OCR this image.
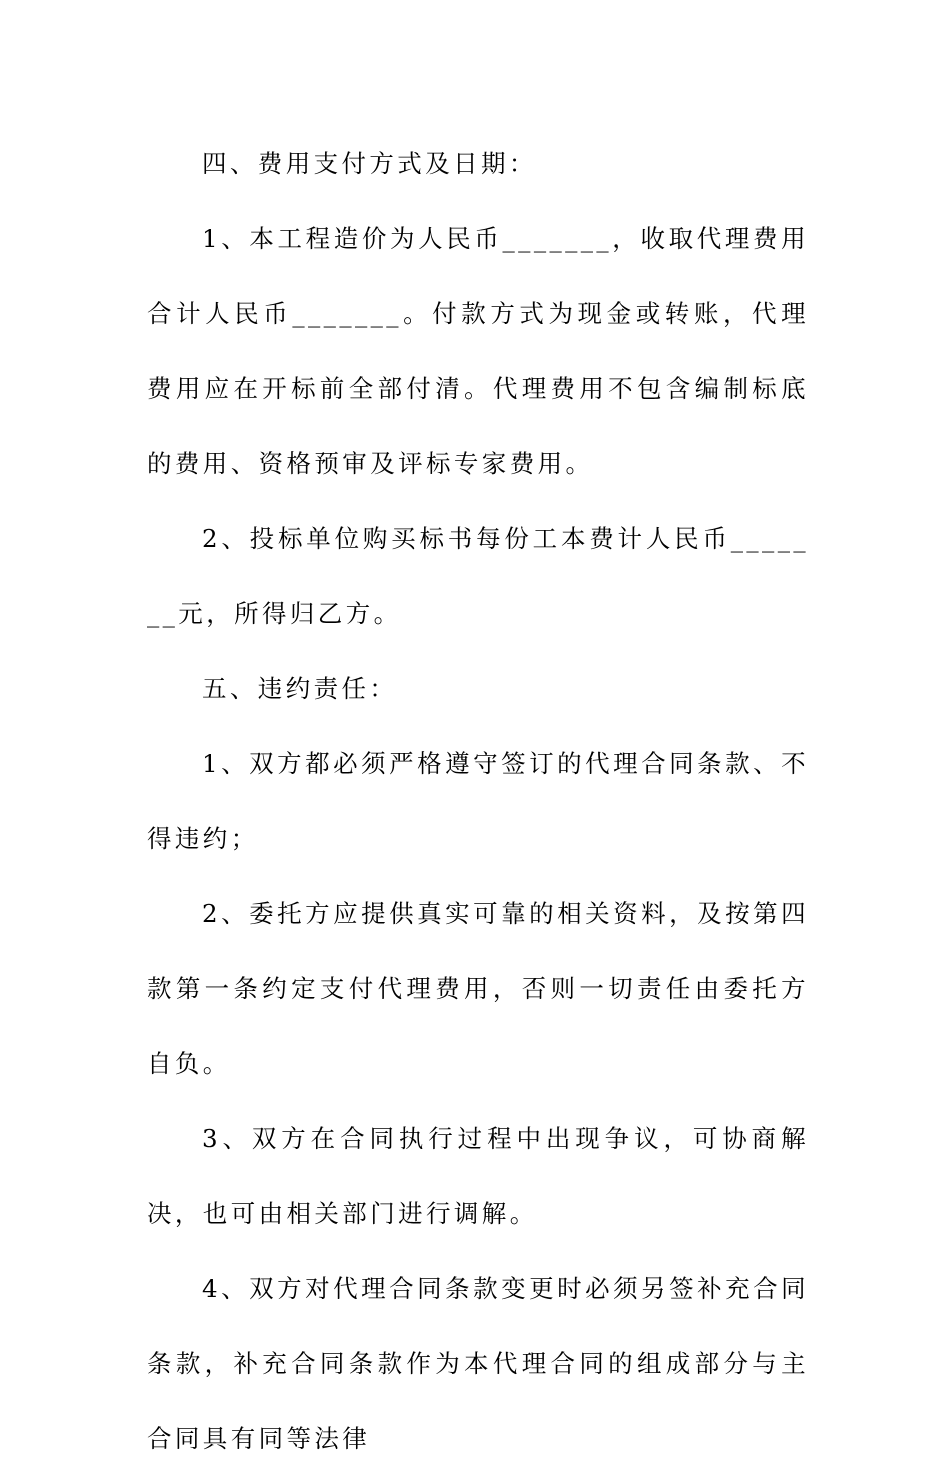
四、费用支付方式及日期：

1、本工程造价为人民币_______，收取代理费用合计人民币_______。付款方式为现金或转账，代理费用应在开标前全部付清。代理费用不包含编制标底的费用、资格预审及评标专家费用。

2、投标单位购买标书每份工本费计人民币_______元，所得归乙方。

五、违约责任：

1、双方都必须严格遵守签订的代理合同条款、不得违约；

2、委托方应提供真实可靠的相关资料，及按第四款第一条约定支付代理费用，否则一切责任由委托方自负。

3、双方在合同执行过程中出现争议，可协商解决，也可由相关部门进行调解。

4、双方对代理合同条款变更时必须另签补充合同条款，补充合同条款作为本代理合同的组成部分与主合同具有同等法律
